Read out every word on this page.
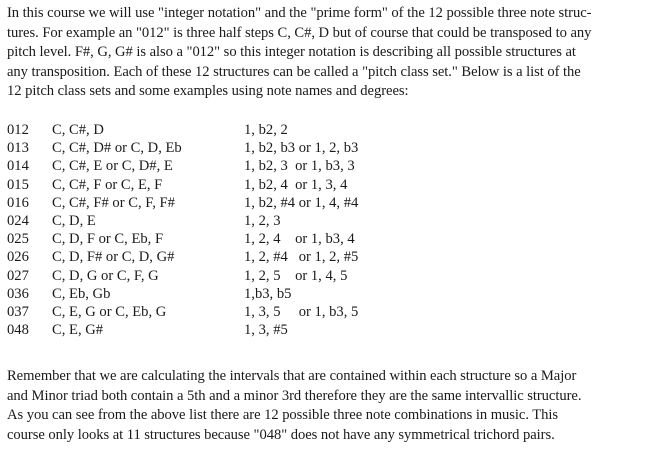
In this course we will use "integer notation" and the "prime form" of the 12 possible three note struc-
tures. For example an "012" is three half steps C, C#, D but of course that could be transposed to any
pitch level. F#, G, G# is also a "012" so this integer notation is describing all possible structures at
any transposition. Each of these 12 structures can be called a "pitch class set." Below is a list of the
12 pitch class sets and some examples using note names and degrees:

012 C, C#, D	1, b2, 2
013 C, C#, D# or C, D, Eb	1, b2, b3 or 1, 2, b3
014 C, C#, E or C, D#, E	1, b2, 3  or 1, b3, 3
015 C, C#, F or C, E, F	1, b2, 4  or 1, 3, 4
016 C, C#, F# or C, F, F#	1, b2, #4 or 1, 4, #4
024 C, D, E	1, 2, 3
025 C, D, F or C, Eb, F	1, 2, 4    or 1, b3, 4
026 C, D, F# or C, D, G#	1, 2, #4   or 1, 2, #5
027 C, D, G or C, F, G	1, 2, 5    or 1, 4, 5
036 C, Eb, Gb	1,b3, b5
037 C, E, G or C, Eb, G	1, 3, 5     or 1, b3, 5
048 C, E, G#	1, 3, #5

Remember that we are calculating the intervals that are contained within each structure so a Major
and Minor triad both contain a 5th and a minor 3rd therefore they are the same intervallic structure.
As you can see from the above list there are 12 possible three note combinations in music. This
course only looks at 11 structures because "048" does not have any symmetrical trichord pairs.
